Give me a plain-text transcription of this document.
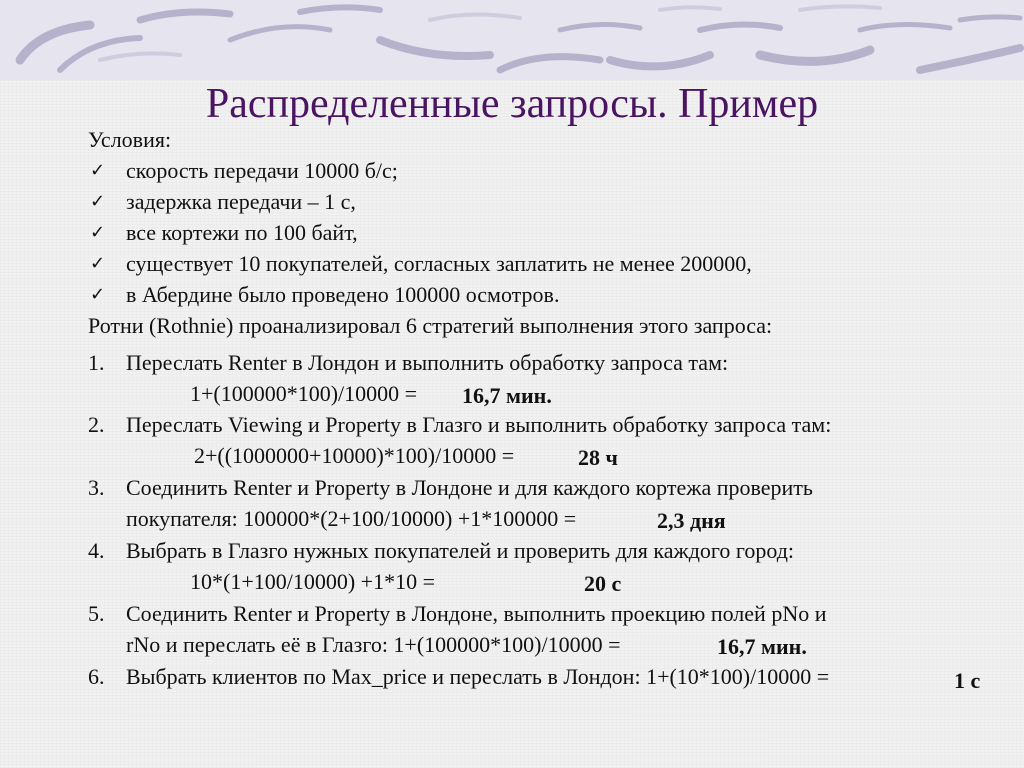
Распределенные запросы. Пример
Условия:
✓ скорость передачи 10000 б/с;
✓ задержка передачи – 1 с,
✓ все кортежи по 100 байт,
✓ существует 10 покупателей, согласных заплатить не менее 200000,
✓ в Абердине было проведено 100000 осмотров.
Ротни (Rothnie) проанализировал 6 стратегий выполнения этого запроса:
1. Переслать Renter в Лондон и выполнить обработку запроса там:
1+(100000*100)/10000 = 16,7 мин.
2. Переслать Viewing и Property в Глазго и выполнить обработку запроса там:
2+((1000000+10000)*100)/10000 =	28 ч
3. Соединить Renter и Property в Лондоне и для каждого кортежа проверить
покупателя: 100000*(2+100/10000) +1*100000 =	2,3 дня
4. Выбрать в Глазго нужных покупателей и проверить для каждого город:
10*(1+100/10000) +1*10 =	20 с
5. Соединить Renter и Property в Лондоне, выполнить проекцию полей pNo и
rNo и переслать её в Глазго: 1+(100000*100)/10000 =	16,7 мин.
6. Выбрать клиентов по Max_price и переслать в Лондон: 1+(10*100)/10000 =	1 с
